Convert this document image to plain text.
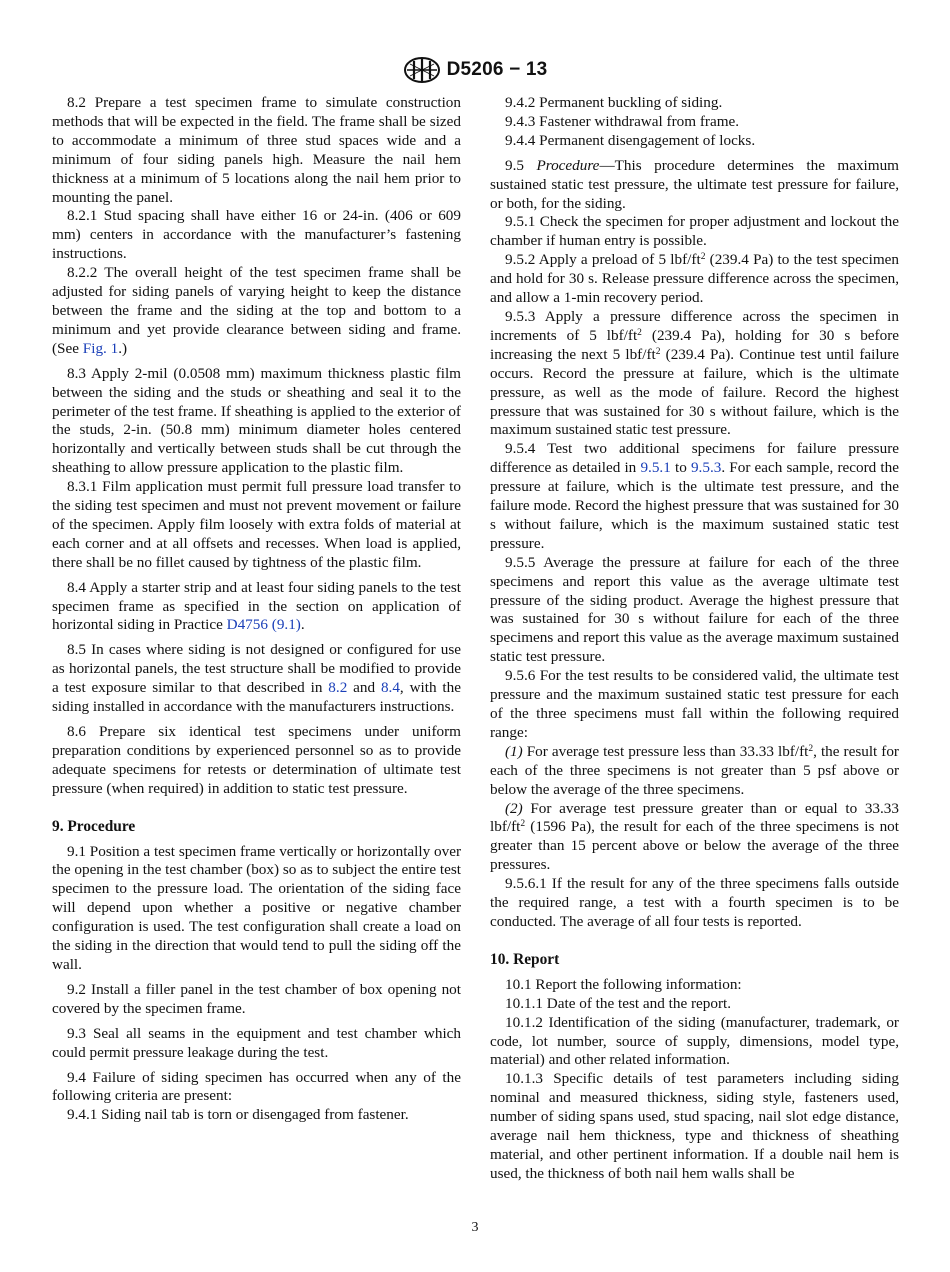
D5206 − 13

8.2 Prepare a test specimen frame to simulate construction methods that will be expected in the field. The frame shall be sized to accommodate a minimum of three stud spaces wide and a minimum of four siding panels high. Measure the nail hem thickness at a minimum of 5 locations along the nail hem prior to mounting the panel.

8.2.1 Stud spacing shall have either 16 or 24-in. (406 or 609 mm) centers in accordance with the manufacturer’s fastening instructions.

8.2.2 The overall height of the test specimen frame shall be adjusted for siding panels of varying height to keep the distance between the frame and the siding at the top and bottom to a minimum and yet provide clearance between siding and frame. (See Fig. 1.)

8.3 Apply 2-mil (0.0508 mm) maximum thickness plastic film between the siding and the studs or sheathing and seal it to the perimeter of the test frame. If sheathing is applied to the exterior of the studs, 2-in. (50.8 mm) minimum diameter holes centered horizontally and vertically between studs shall be cut through the sheathing to allow pressure application to the plastic film.

8.3.1 Film application must permit full pressure load transfer to the siding test specimen and must not prevent movement or failure of the specimen. Apply film loosely with extra folds of material at each corner and at all offsets and recesses. When load is applied, there shall be no fillet caused by tightness of the plastic film.

8.4 Apply a starter strip and at least four siding panels to the test specimen frame as specified in the section on application of horizontal siding in Practice D4756 (9.1).

8.5 In cases where siding is not designed or configured for use as horizontal panels, the test structure shall be modified to provide a test exposure similar to that described in 8.2 and 8.4, with the siding installed in accordance with the manufacturers instructions.

8.6 Prepare six identical test specimens under uniform preparation conditions by experienced personnel so as to provide adequate specimens for retests or determination of ultimate test pressure (when required) in addition to static test pressure.

9. Procedure

9.1 Position a test specimen frame vertically or horizontally over the opening in the test chamber (box) so as to subject the entire test specimen to the pressure load. The orientation of the siding face will depend upon whether a positive or negative chamber configuration is used. The test configuration shall create a load on the siding in the direction that would tend to pull the siding off the wall.

9.2 Install a filler panel in the test chamber of box opening not covered by the specimen frame.

9.3 Seal all seams in the equipment and test chamber which could permit pressure leakage during the test.

9.4 Failure of siding specimen has occurred when any of the following criteria are present:

9.4.1 Siding nail tab is torn or disengaged from fastener.

9.4.2 Permanent buckling of siding.

9.4.3 Fastener withdrawal from frame.

9.4.4 Permanent disengagement of locks.

9.5 Procedure—This procedure determines the maximum sustained static test pressure, the ultimate test pressure for failure, or both, for the siding.

9.5.1 Check the specimen for proper adjustment and lockout the chamber if human entry is possible.

9.5.2 Apply a preload of 5 lbf/$ft^2$ (239.4 Pa) to the test specimen and hold for 30 s. Release pressure difference across the specimen, and allow a 1-min recovery period.

9.5.3 Apply a pressure difference across the specimen in increments of 5 lbf/$ft^2$ (239.4 Pa), holding for 30 s before increasing the next 5 lbf/$ft^2$ (239.4 Pa). Continue test until failure occurs. Record the pressure at failure, which is the ultimate pressure, as well as the mode of failure. Record the highest pressure that was sustained for 30 s without failure, which is the maximum sustained static test pressure.

9.5.4 Test two additional specimens for failure pressure difference as detailed in 9.5.1 to 9.5.3. For each sample, record the pressure at failure, which is the ultimate test pressure, and the failure mode. Record the highest pressure that was sustained for 30 s without failure, which is the maximum sustained static test pressure.

9.5.5 Average the pressure at failure for each of the three specimens and report this value as the average ultimate test pressure of the siding product. Average the highest pressure that was sustained for 30 s without failure for each of the three specimens and report this value as the average maximum sustained static test pressure.

9.5.6 For the test results to be considered valid, the ultimate test pressure and the maximum sustained static test pressure for each of the three specimens must fall within the following required range:

(1) For average test pressure less than 33.33 lbf/$ft^2$, the result for each of the three specimens is not greater than 5 psf above or below the average of the three specimens.

(2) For average test pressure greater than or equal to 33.33 lbf/$ft^2$ (1596 Pa), the result for each of the three specimens is not greater than 15 percent above or below the average of the three pressures.

9.5.6.1 If the result for any of the three specimens falls outside the required range, a test with a fourth specimen is to be conducted. The average of all four tests is reported.

10. Report

10.1 Report the following information:

10.1.1 Date of the test and the report.

10.1.2 Identification of the siding (manufacturer, trademark, or code, lot number, source of supply, dimensions, model type, material) and other related information.

10.1.3 Specific details of test parameters including siding nominal and measured thickness, siding style, fasteners used, number of siding spans used, stud spacing, nail slot edge distance, average nail hem thickness, type and thickness of sheathing material, and other pertinent information. If a double nail hem is used, the thickness of both nail hem walls shall be

3
